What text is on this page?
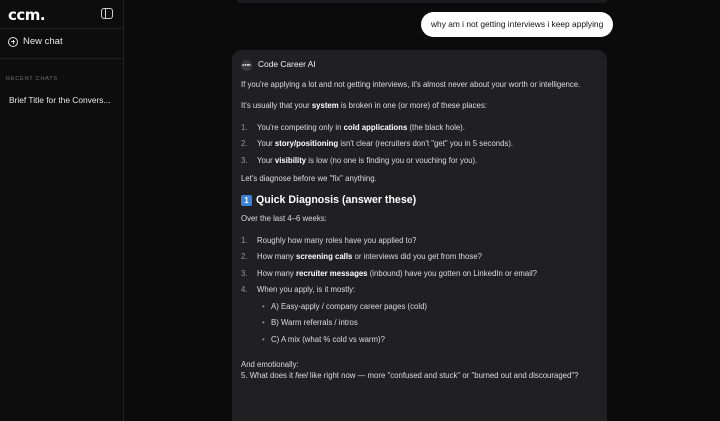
ccm.
New chat
RECENT CHATS
Brief Title for the Convers...
why am i not getting interviews i keep applying
ccm Code Career AI
If you're applying a lot and not getting interviews, it's almost never about your worth or intelligence.
It's usually that your system is broken in one (or more) of these places:
1.	You're competing only in cold applications (the black hole).
2.	Your story/positioning isn't clear (recruiters don't "get" you in 5 seconds).
3.	Your visibility is low (no one is finding you or vouching for you).
Let's diagnose before we "fix" anything.
1 Quick Diagnosis (answer these)
Over the last 4–6 weeks:
1.	Roughly how many roles have you applied to?
2.	How many screening calls or interviews did you get from those?
3.	How many recruiter messages (inbound) have you gotten on LinkedIn or email?
4.	When you apply, is it mostly:
• A) Easy-apply / company career pages (cold)
• B) Warm referrals / intros
• C) A mix (what % cold vs warm)?
And emotionally:
5. What does it feel like right now — more "confused and stuck" or "burned out and discouraged"?
